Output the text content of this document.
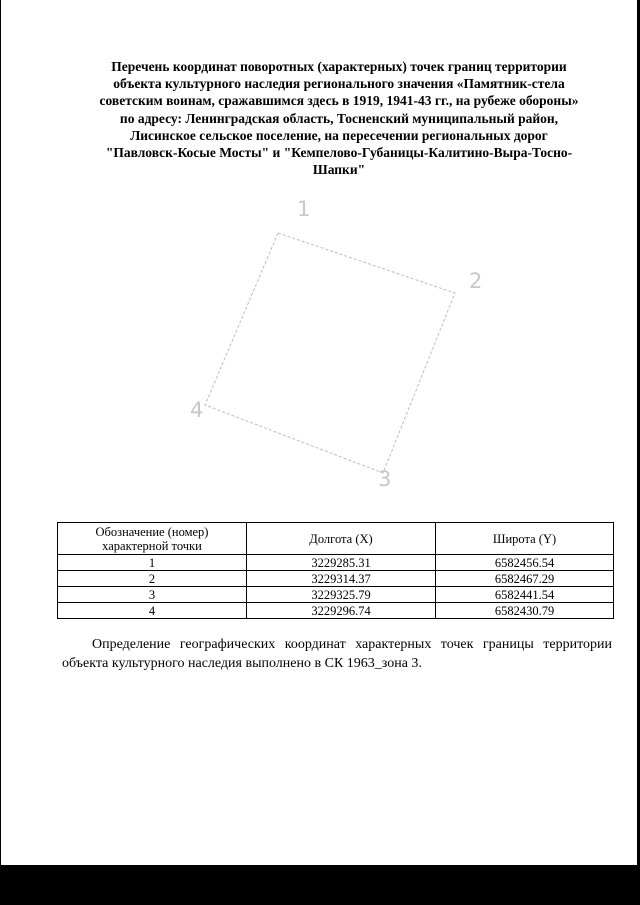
Перечень координат поворотных (характерных) точек границ территории
объекта культурного наследия регионального значения «Памятник-стела
советским воинам, сражавшимся здесь в 1919, 1941-43 гг., на рубеже обороны»
по адресу: Ленинградская область, Тосненский муниципальный район,
Лисинское сельское поселение, на пересечении региональных дорог
"Павловск-Косые Мосты" и "Кемпелово-Губаницы-Калитино-Выра-Тосно-
Шапки"
1
2
3
4
Обозначение (номер) характерной точки	Долгота (X)	Широта (Y)
1	3229285.31	6582456.54
2	3229314.37	6582467.29
3	3229325.79	6582441.54
4	3229296.74	6582430.79
Определение географических координат характерных точек границы территории объекта культурного наследия выполнено в СК 1963_зона 3.
